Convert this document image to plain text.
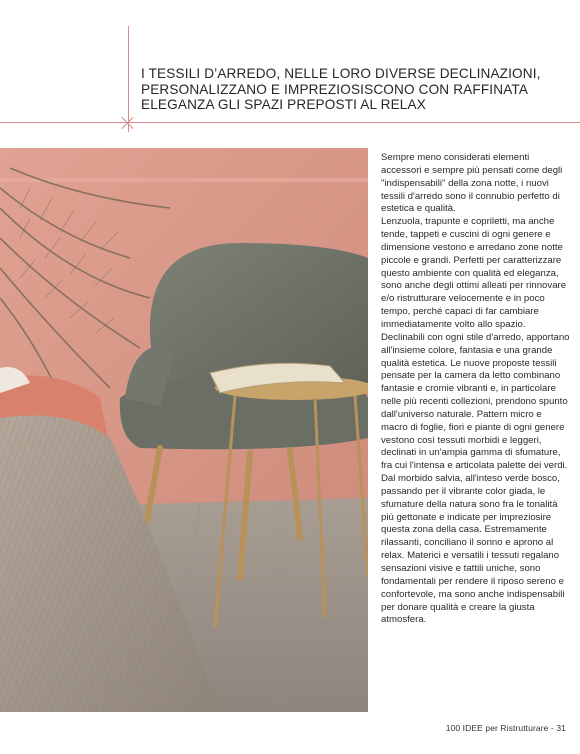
I TESSILI D’ARREDO, NELLE LORO DIVERSE DECLINAZIONI, PERSONALIZZANO E IMPREZIOSISCONO CON RAFFINATA ELEGANZA GLI SPAZI PREPOSTI AL RELAX

Sempre meno considerati elementi accessori e sempre più pensati come degli "indispensabili" della zona notte, i nuovi tessili d'arredo sono il connubio perfetto di estetica e qualità.

Lenzuola, trapunte e copriletti, ma anche tende, tappeti e cuscini di ogni genere e dimensione vestono e arredano zone notte piccole e grandi. Perfetti per caratterizzare questo ambiente con qualità ed eleganza, sono anche degli ottimi alleati per rinnovare e/o ristrutturare velocemente e in poco tempo, perché capaci di far cambiare immediatamente volto allo spazio. Declinabili con ogni stile d'arredo, apportano all'insieme colore, fantasia e una grande qualità estetica. Le nuove proposte tessili pensate per la camera da letto combinano fantasie e cromie vibranti e, in particolare nelle più recenti collezioni, prendono spunto dall'universo naturale. Pattern micro e macro di foglie, fiori e piante di ogni genere vestono così tessuti morbidi e leggeri, declinati in un'ampia gamma di sfumature, fra cui l'intensa e articolata palette dei verdi. Dal morbido salvia, all'inteso verde bosco, passando per il vibrante color giada, le sfumature della natura sono fra le tonalità più gettonate e indicate per impreziosire questa zona della casa. Estremamente rilassanti, conciliano il sonno e aprono al relax. Materici e versatili i tessuti regalano sensazioni visive e tattili uniche, sono fondamentali per rendere il riposo sereno e confortevole, ma sono anche indispensabili per donare qualità e creare la giusta atmosfera.

100 IDEE per Ristrutturare - 31
